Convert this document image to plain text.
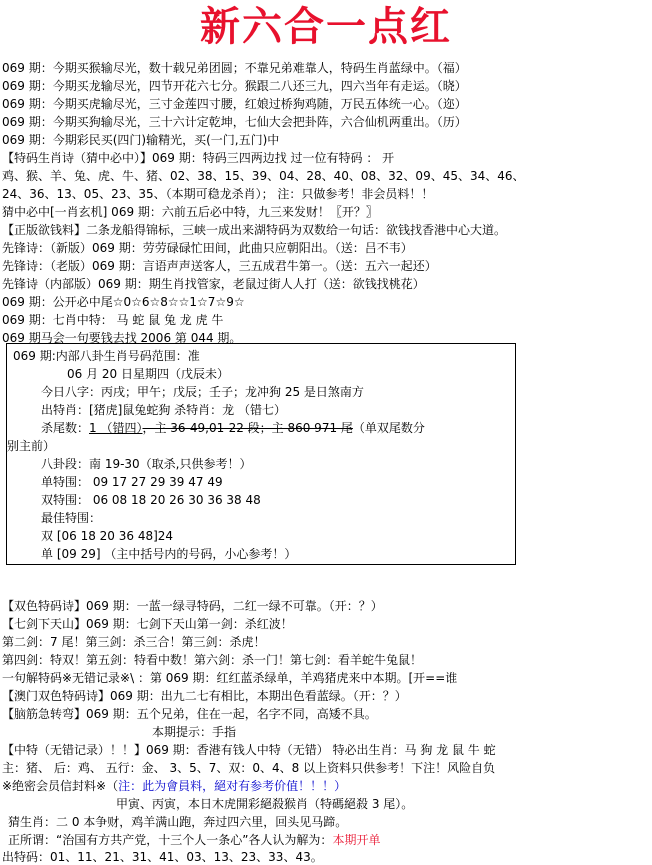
新六合一点红
069 期：今期买猴输尽光，数十载兄弟团圆；不靠兄弟难靠人，特码生肖蓝绿中。（福）
069 期：今期买龙输尽光，四节开花六七分。猴跟二八还三九，四六当年有走运。（晓）
069 期：今期买虎输尽光，三寸金莲四寸腰，红娘过桥狗鸡随，万民五体统一心。（迩）
069 期：今期买狗输尽光，三十六计定乾坤，七仙大会把卦阵，六合仙机两重出。（历）
069 期：今期彩民买(四门)输精光，买(一门,五门)中
【特码生肖诗（猜中必中）】069 期：特码三四两边找 过一位有特码 ： 开
鸡、猴、羊、兔、虎、牛、猪、02、38、15、39、04、28、40、08、32、09、45、34、46、
24、36、13、05、23、35、（本期可稳龙杀肖）； 注：只做参考！非会员料！！
猜中必中[一肖玄机] 069 期：六前五后必中特，九三来发财！〖开？〗
【正版欲钱料】二条龙船得锦标，三峡一成出来湖特码为双数给一句话：欲钱找香港中心大道。
先锋诗：（新版）069 期：劳劳碌碌忙田间，此曲只应朝阳出。（送：吕不韦）
先锋诗：（老版）069 期：言语声声送客人，三五成君牛第一。（送：五六一起还）
先锋诗（内部版）069 期：期生肖找管家，老鼠过街人人打（送：欲钱找桃花）
069 期：公开必中尾☆0☆6☆8☆☆1☆7☆9☆
069 期：七肖中特： 马 蛇 鼠 兔 龙 虎 牛
069 期马会一句要钱去找 2006 第 044 期。
069 期:内部八卦生肖号码范围：准
06 月 20 日星期四（戊辰未）
今日八字：丙戌；甲午；戊辰；壬子；龙冲狗 25 是日煞南方
出特肖：[猪虎]鼠兔蛇狗 杀特肖：龙 （错七）
杀尾数：1 （错四），主 36-49,01-22 段；主 860 971 尾（单双尾数分
别主前）
八卦段：南 19-30（取杀,只供参考！）
单特围： 09 17 27 29 39 47 49
双特围： 06 08 18 20 26 30 36 38 48
最佳特围：
双 [06 18 20 36 48]24
单 [09 29] （主中括号内的号码，小心参考！）
【双色特码诗】069 期：一蓝一绿寻特码，二红一绿不可靠。（开：？）
【七剑下天山】069 期：七剑下天山第一剑：杀红波！
第二剑：7 尾！第三剑：杀三合！第三剑：杀虎！
第四剑：特双！第五剑：特看中数！第六剑：杀一门！第七剑：看羊蛇牛兔鼠！
一句解特码※无错记录※\ ：第 069 期：红红蓝杀绿单，羊鸡猪虎来中本期。[开==谁
【澳门双色特码诗】069 期：出九二七有相比，本期出色看蓝绿。（开：？）
【脑筋急转弯】069 期：五个兄弟，住在一起，名字不同，高矮不具。
本期提示：手指
【中特（无错记录）！！】069 期：香港有钱人中特（无错） 特必出生肖：马 狗 龙 鼠 牛 蛇
主：猪、 后：鸡、 五行：金、 3、5、7、双：0、4、8 以上资料只供参考！下注！风险自负
※绝密会员信封料※（注：此为會員料，絕对有参考价值！！！）
甲寅、丙寅，本日木虎開彩絕殺猴肖（特碼絕殺 3 尾）。
猜生肖：二 0 本争财，鸡羊满山跑，奔过四六里，回头见马蹄。
正所谓：“治国有方共产党，十三个人一条心”各人认为解为：本期开单
出特码：01、11、21、31、41、03、13、23、33、43。
